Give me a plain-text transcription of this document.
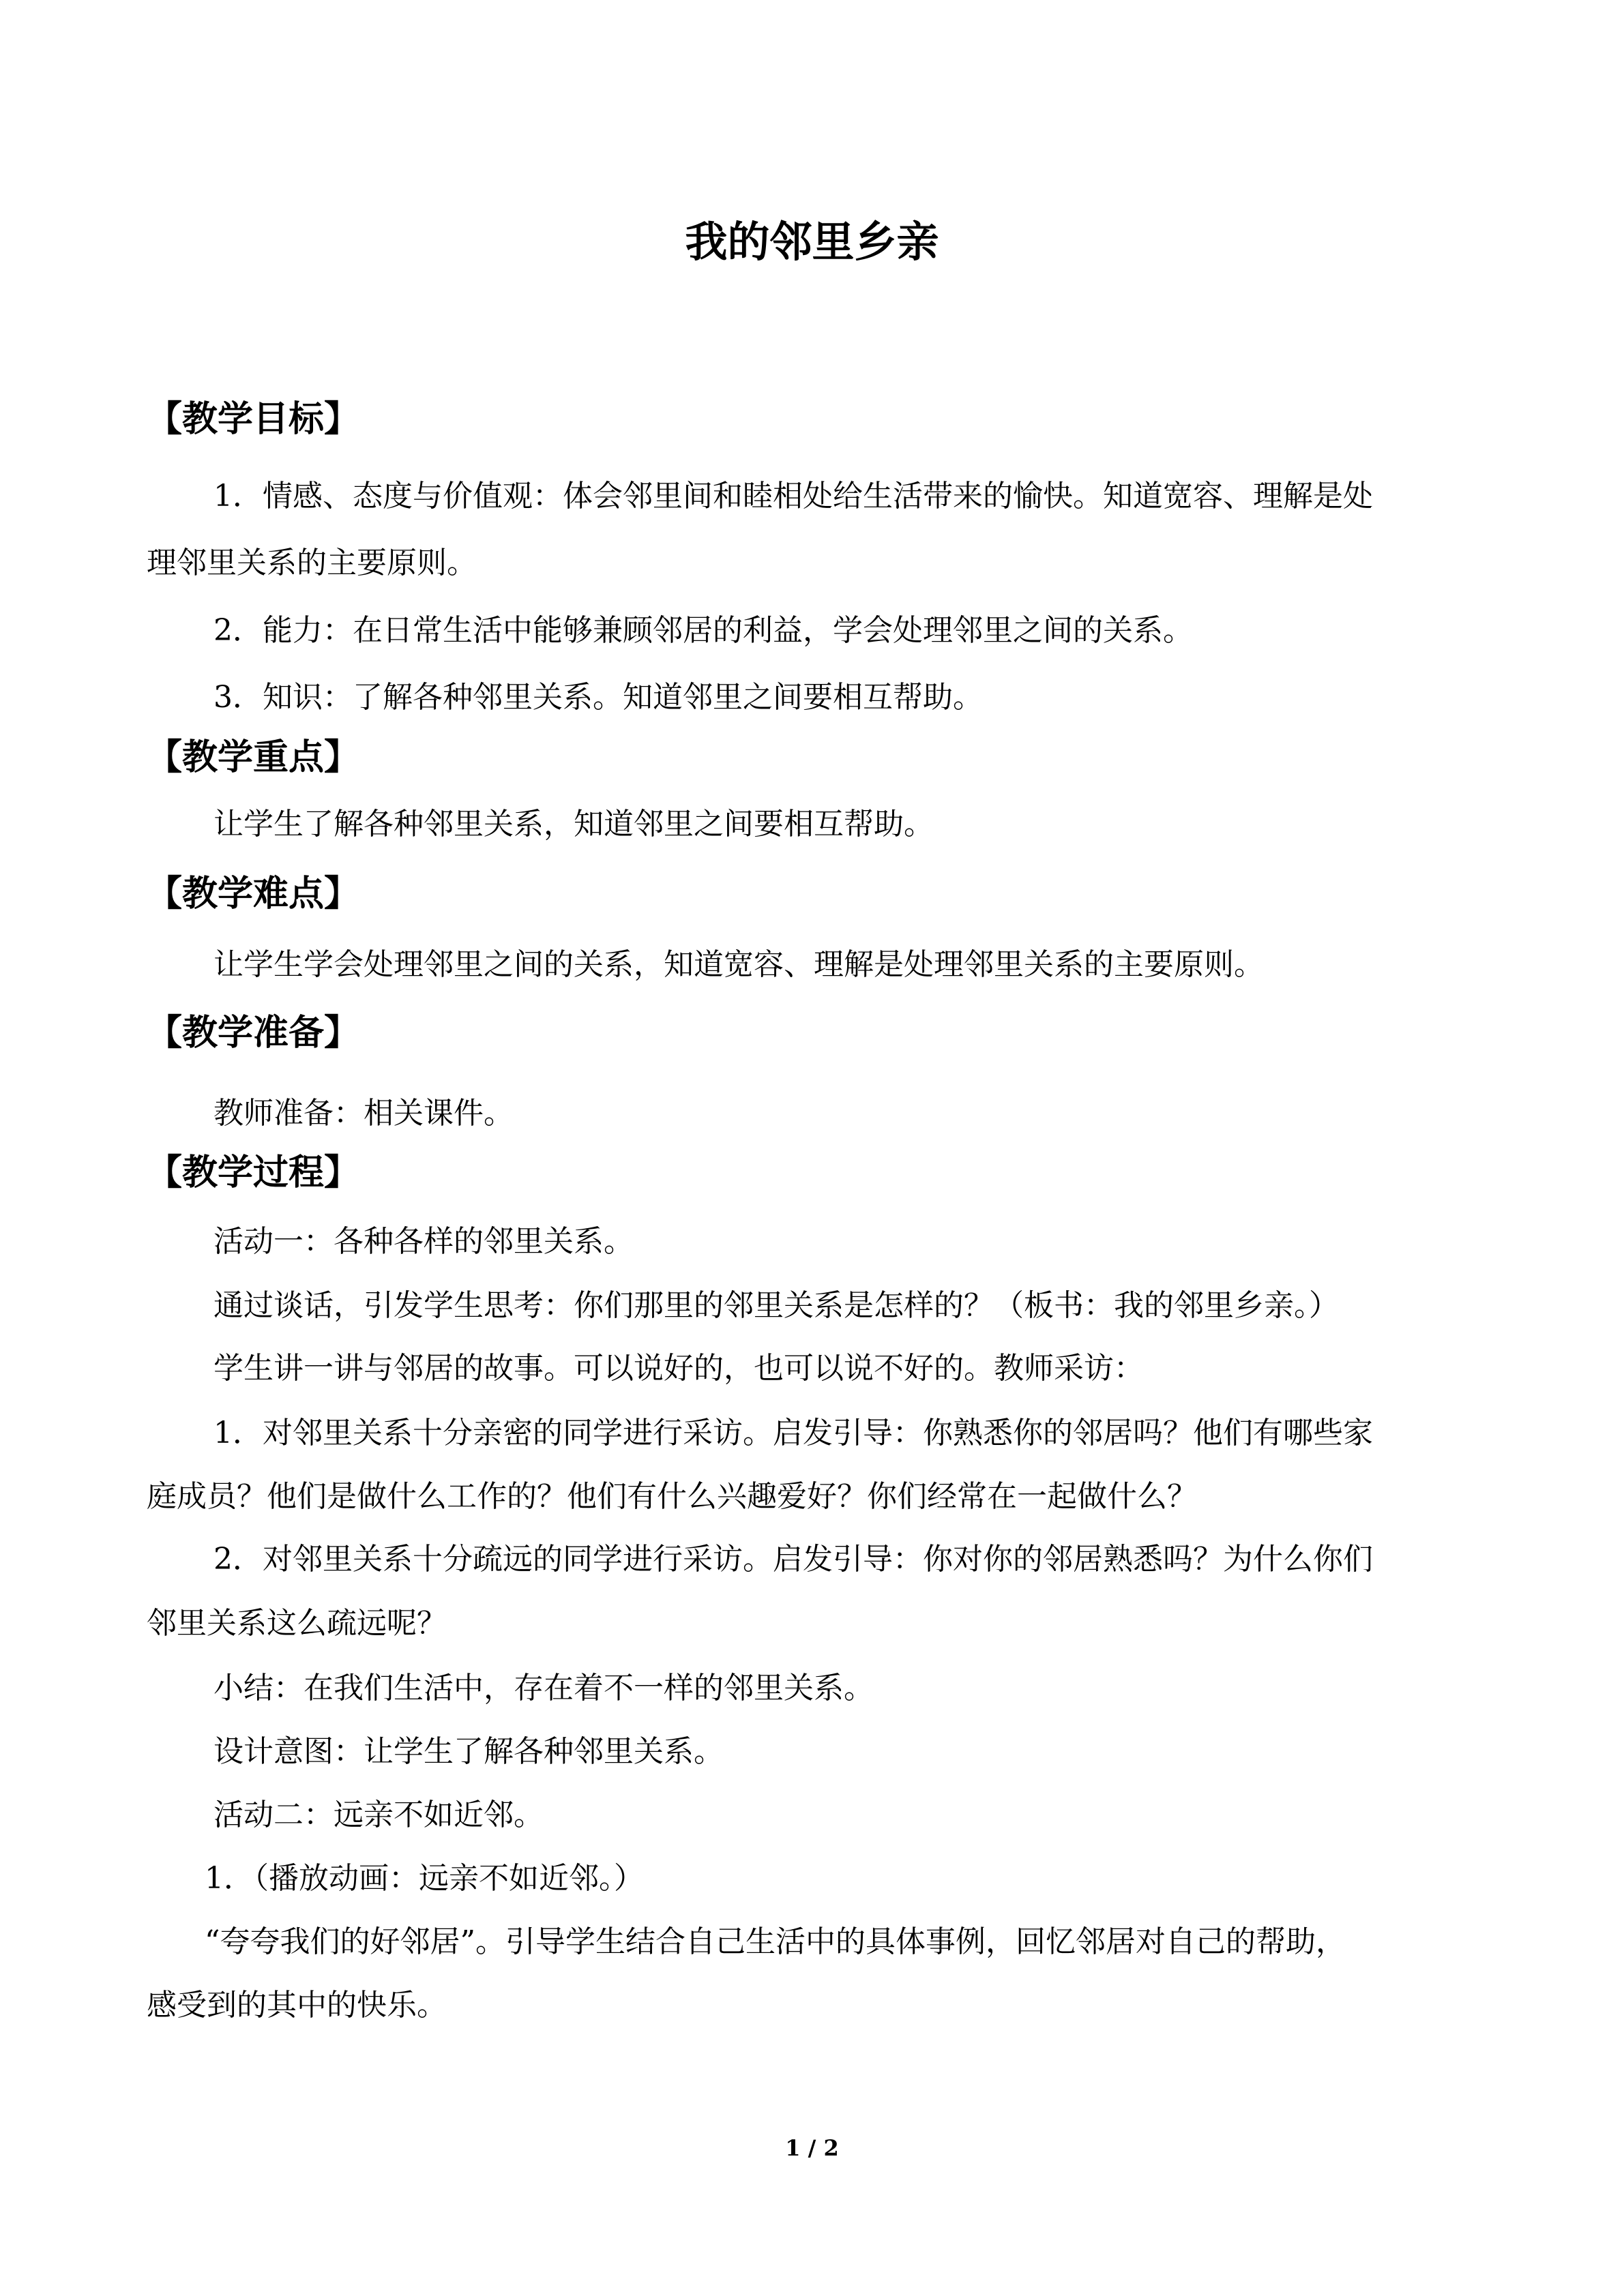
我的邻里乡亲
【教学目标】
1．情感、态度与价值观：体会邻里间和睦相处给生活带来的愉快。知道宽容、理解是处
理邻里关系的主要原则。
2．能力：在日常生活中能够兼顾邻居的利益，学会处理邻里之间的关系。
3．知识：了解各种邻里关系。知道邻里之间要相互帮助。
【教学重点】
让学生了解各种邻里关系，知道邻里之间要相互帮助。
【教学难点】
让学生学会处理邻里之间的关系，知道宽容、理解是处理邻里关系的主要原则。
【教学准备】
教师准备：相关课件。
【教学过程】
活动一：各种各样的邻里关系。
通过谈话，引发学生思考：你们那里的邻里关系是怎样的？（板书：我的邻里乡亲。）
学生讲一讲与邻居的故事。可以说好的，也可以说不好的。教师采访：
1．对邻里关系十分亲密的同学进行采访。启发引导：你熟悉你的邻居吗？他们有哪些家
庭成员？他们是做什么工作的？他们有什么兴趣爱好？你们经常在一起做什么？
2．对邻里关系十分疏远的同学进行采访。启发引导：你对你的邻居熟悉吗？为什么你们
邻里关系这么疏远呢？
小结：在我们生活中，存在着不一样的邻里关系。
设计意图：让学生了解各种邻里关系。
活动二：远亲不如近邻。
1．（播放动画：远亲不如近邻。）
“夸夸我们的好邻居”。引导学生结合自己生活中的具体事例，回忆邻居对自己的帮助，
感受到的其中的快乐。
1 / 2
